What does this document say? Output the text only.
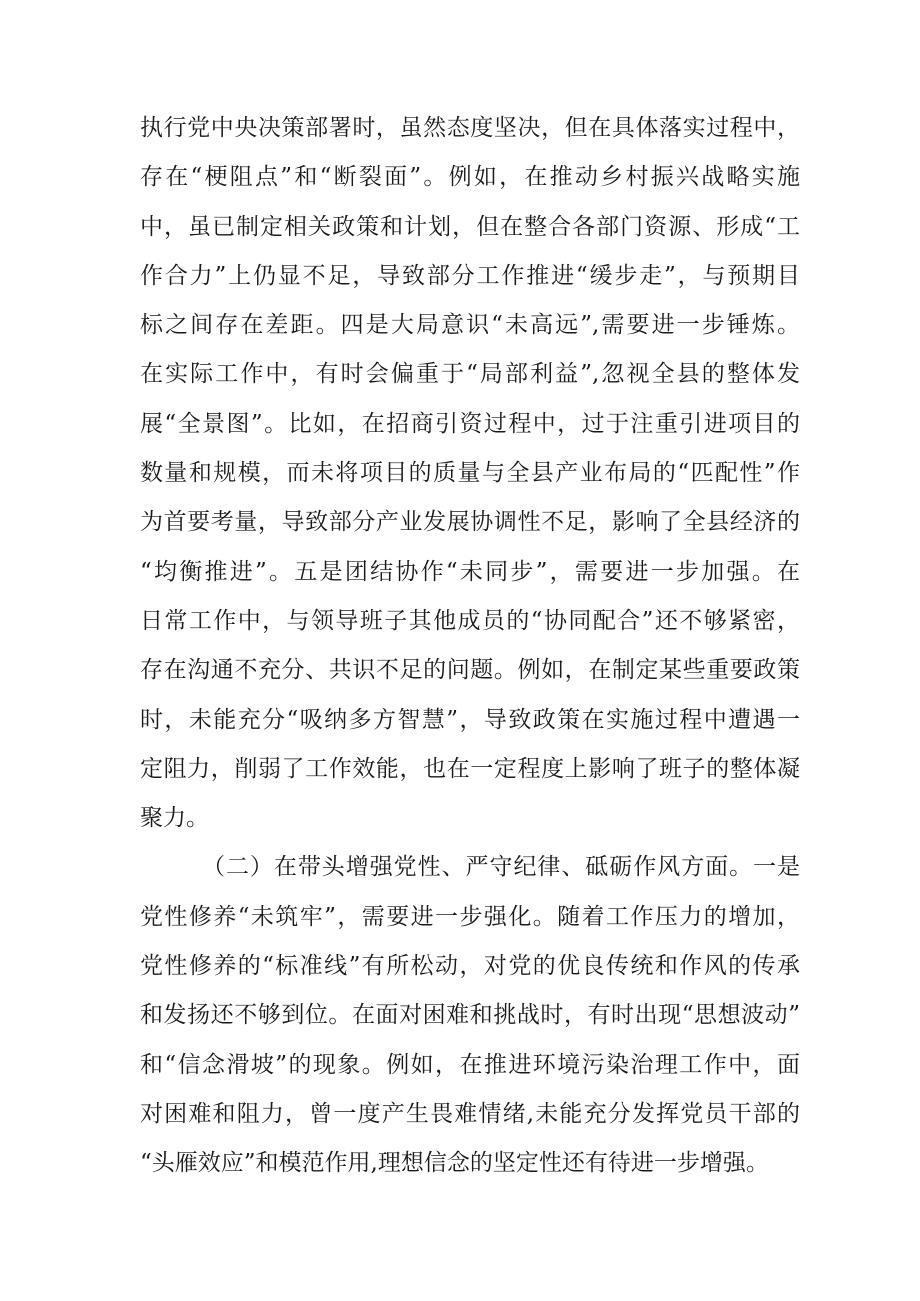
执行党中央决策部署时，虽然态度坚决，但在具体落实过程中，
存在“梗阻点”和“断裂面”。例如，在推动乡村振兴战略实施
中，虽已制定相关政策和计划，但在整合各部门资源、形成“工
作合力”上仍显不足，导致部分工作推进“缓步走”，与预期目
标之间存在差距。四是大局意识“未高远”,需要进一步锤炼。
在实际工作中，有时会偏重于“局部利益”,忽视全县的整体发
展“全景图”。比如，在招商引资过程中，过于注重引进项目的
数量和规模，而未将项目的质量与全县产业布局的“匹配性”作
为首要考量，导致部分产业发展协调性不足，影响了全县经济的
“均衡推进”。五是团结协作“未同步”，需要进一步加强。在
日常工作中，与领导班子其他成员的“协同配合”还不够紧密，
存在沟通不充分、共识不足的问题。例如，在制定某些重要政策
时，未能充分“吸纳多方智慧”，导致政策在实施过程中遭遇一
定阻力，削弱了工作效能，也在一定程度上影响了班子的整体凝
聚力。
（二）在带头增强党性、严守纪律、砥砺作风方面。一是
党性修养“未筑牢”，需要进一步强化。随着工作压力的增加，
党性修养的“标准线”有所松动，对党的优良传统和作风的传承
和发扬还不够到位。在面对困难和挑战时，有时出现“思想波动”
和“信念滑坡”的现象。例如，在推进环境污染治理工作中，面
对困难和阻力，曾一度产生畏难情绪,未能充分发挥党员干部的
“头雁效应”和模范作用,理想信念的坚定性还有待进一步增强。
